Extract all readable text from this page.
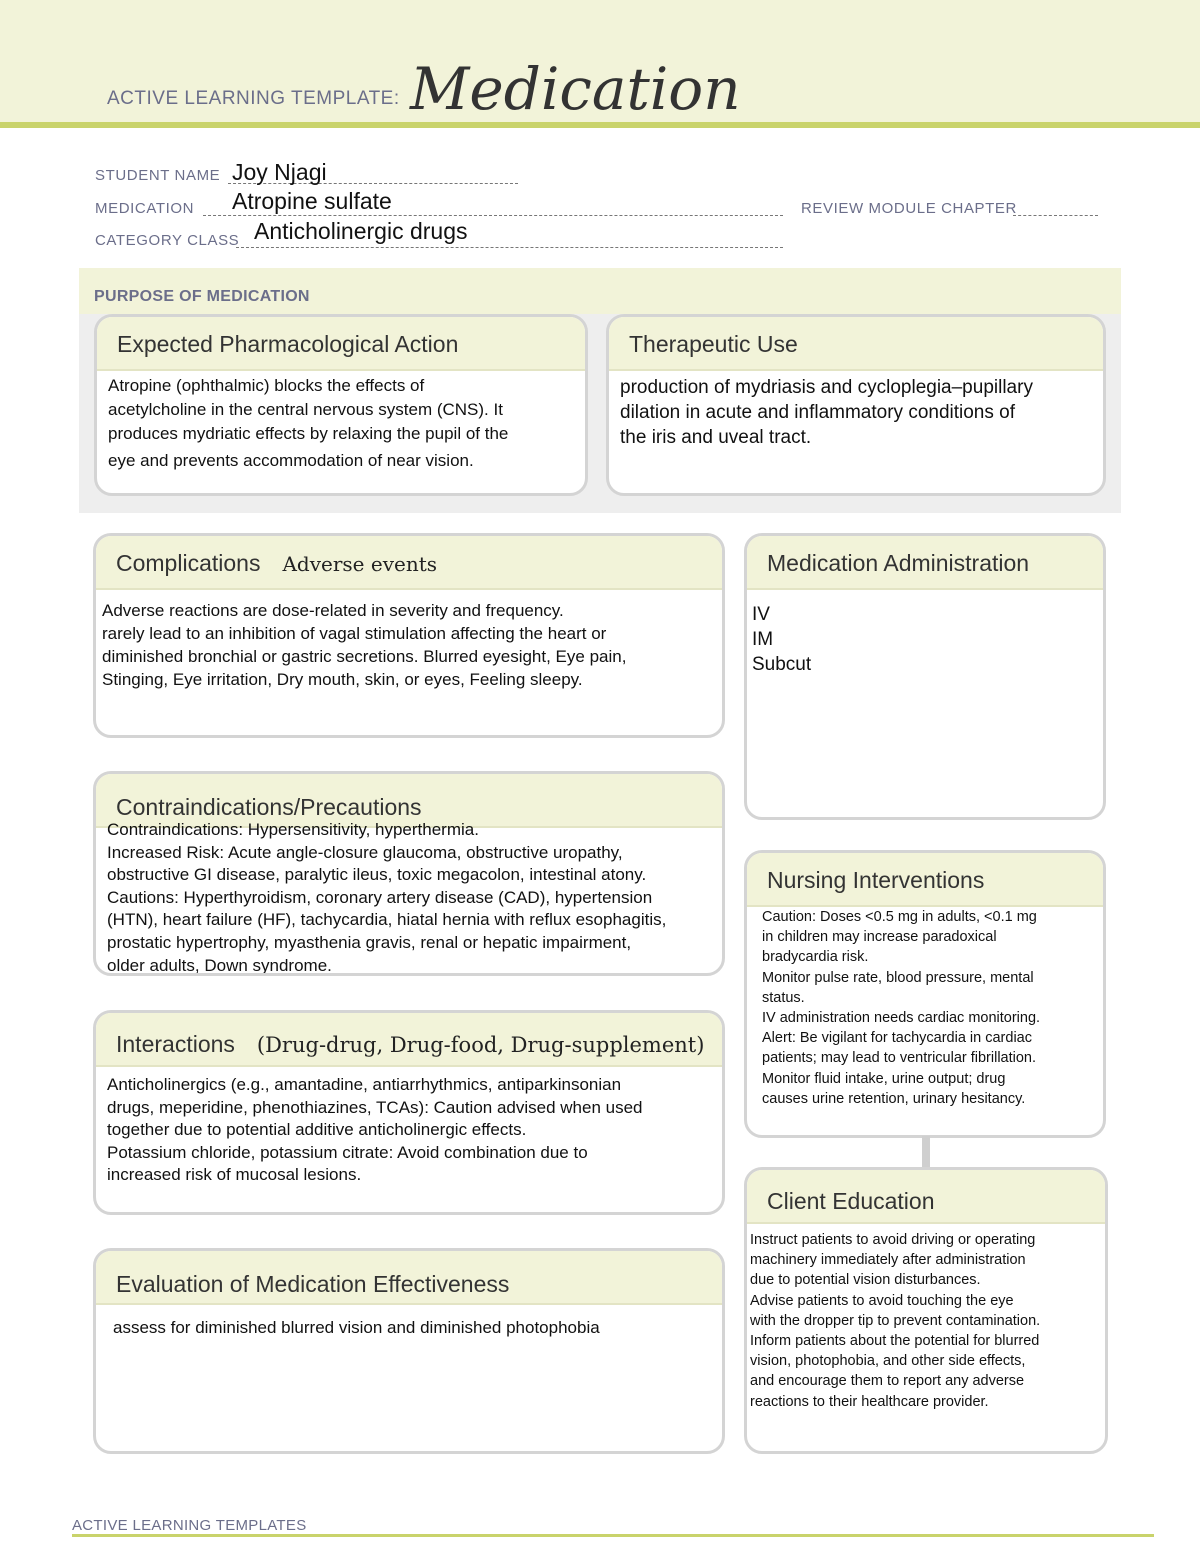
ACTIVE LEARNING TEMPLATE: Medication
STUDENT NAME Joy Njagi
MEDICATION Atropine sulfate	REVIEW MODULE CHAPTER
CATEGORY CLASS Anticholinergic drugs
PURPOSE OF MEDICATION
Expected Pharmacological Action

Atropine (ophthalmic) blocks the effects of

acetylcholine in the central nervous system (CNS). It

produces mydriatic effects by relaxing the pupil of the

eye and prevents accommodation of near vision.

Therapeutic Use

production of mydriasis and cycloplegia–pupillary

dilation in acute and inflammatory conditions of

the iris and uveal tract.

Complications Adverse events

Adverse reactions are dose-related in severity and frequency.

rarely lead to an inhibition of vagal stimulation affecting the heart or

diminished bronchial or gastric secretions. Blurred eyesight, Eye pain,

Stinging, Eye irritation, Dry mouth, skin, or eyes, Feeling sleepy.

Medication Administration

IV

IM

Subcut

Contraindications/Precautions

Contraindications: Hypersensitivity, hyperthermia.

Increased Risk: Acute angle-closure glaucoma, obstructive uropathy,

obstructive GI disease, paralytic ileus, toxic megacolon, intestinal atony.

Cautions: Hyperthyroidism, coronary artery disease (CAD), hypertension

(HTN), heart failure (HF), tachycardia, hiatal hernia with reflux esophagitis,

prostatic hypertrophy, myasthenia gravis, renal or hepatic impairment,

older adults, Down syndrome.

Nursing Interventions

Caution: Doses <0.5 mg in adults, <0.1 mg

in children may increase paradoxical

bradycardia risk.

Monitor pulse rate, blood pressure, mental

status.

IV administration needs cardiac monitoring.

Alert: Be vigilant for tachycardia in cardiac

patients; may lead to ventricular fibrillation.

Monitor fluid intake, urine output; drug

causes urine retention, urinary hesitancy.

Interactions (Drug-drug, Drug-food, Drug-supplement)

Anticholinergics (e.g., amantadine, antiarrhythmics, antiparkinsonian

drugs, meperidine, phenothiazines, TCAs): Caution advised when used

together due to potential additive anticholinergic effects.

Potassium chloride, potassium citrate: Avoid combination due to

increased risk of mucosal lesions.

Client Education

Instruct patients to avoid driving or operating

machinery immediately after administration

due to potential vision disturbances.

Advise patients to avoid touching the eye

with the dropper tip to prevent contamination.

Inform patients about the potential for blurred

vision, photophobia, and other side effects,

and encourage them to report any adverse

reactions to their healthcare provider.

Evaluation of Medication Effectiveness

assess for diminished blurred vision and diminished photophobia

ACTIVE LEARNING TEMPLATES
